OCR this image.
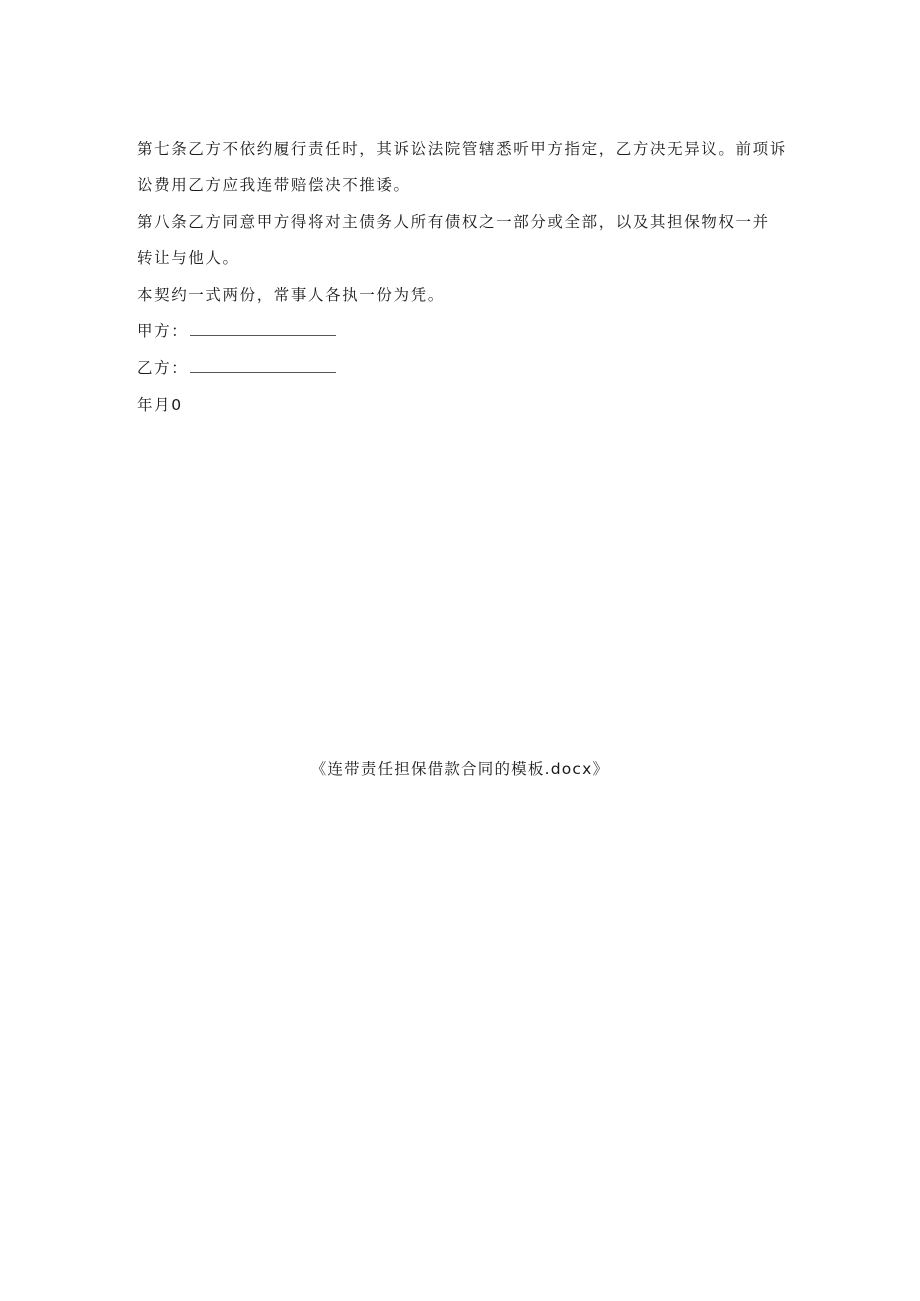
第七条乙方不依约履行责任时，其诉讼法院管辖悉听甲方指定，乙方决无异议。前项诉
讼费用乙方应我连带赔偿决不推诿。
第八条乙方同意甲方得将对主债务人所有债权之一部分或全部，以及其担保物权一并
转让与他人。
本契约一式两份，常事人各执一份为凭。
甲方：
乙方：
年月0
《连带责任担保借款合同的模板.docx》
